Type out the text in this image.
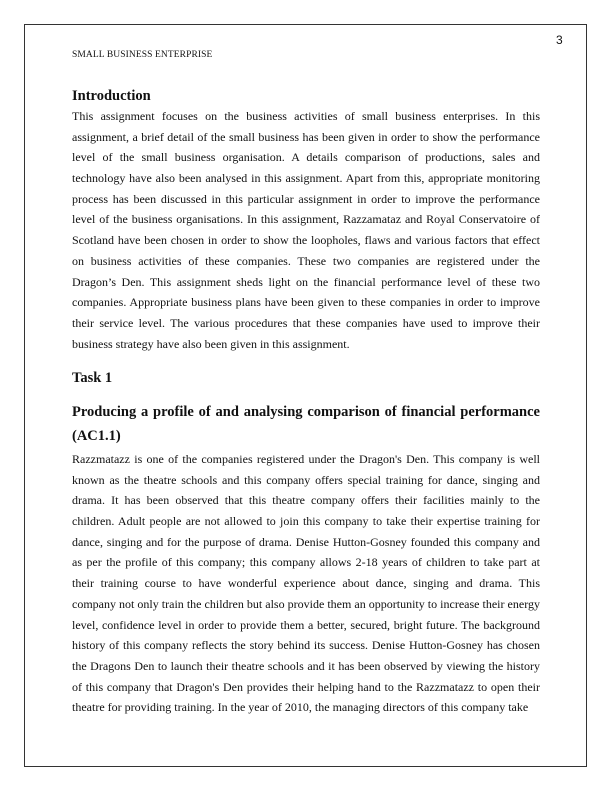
3
SMALL BUSINESS ENTERPRISE
Introduction
This assignment focuses on the business activities of small business enterprises. In this
assignment, a brief detail of the small business has been given in order to show the performance
level of the small business organisation. A details comparison of productions, sales and
technology have also been analysed in this assignment. Apart from this, appropriate monitoring
process has been discussed in this particular assignment in order to improve the performance
level of the business organisations. In this assignment, Razzamataz and Royal Conservatoire of
Scotland have been chosen in order to show the loopholes, flaws and various factors that effect
on business activities of these companies. These two companies are registered under the
Dragon’s Den. This assignment sheds light on the financial performance level of these two
companies. Appropriate business plans have been given to these companies in order to improve
their service level. The various procedures that these companies have used to improve their
business strategy have also been given in this assignment.
Task 1
Producing a profile of and analysing comparison of financial performance
(AC1.1)
Razzmatazz is one of the companies registered under the Dragon's Den. This company is well
known as the theatre schools and this company offers special training for dance, singing and
drama. It has been observed that this theatre company offers their facilities mainly to the
children. Adult people are not allowed to join this company to take their expertise training for
dance, singing and for the purpose of drama. Denise Hutton-Gosney founded this company and
as per the profile of this company; this company allows 2-18 years of children to take part at
their training course to have wonderful experience about dance, singing and drama. This
company not only train the children but also provide them an opportunity to increase their energy
level, confidence level in order to provide them a better, secured, bright future. The background
history of this company reflects the story behind its success. Denise Hutton-Gosney has chosen
the Dragons Den to launch their theatre schools and it has been observed by viewing the history
of this company that Dragon's Den provides their helping hand to the Razzmatazz to open their
theatre for providing training. In the year of 2010, the managing directors of this company take
